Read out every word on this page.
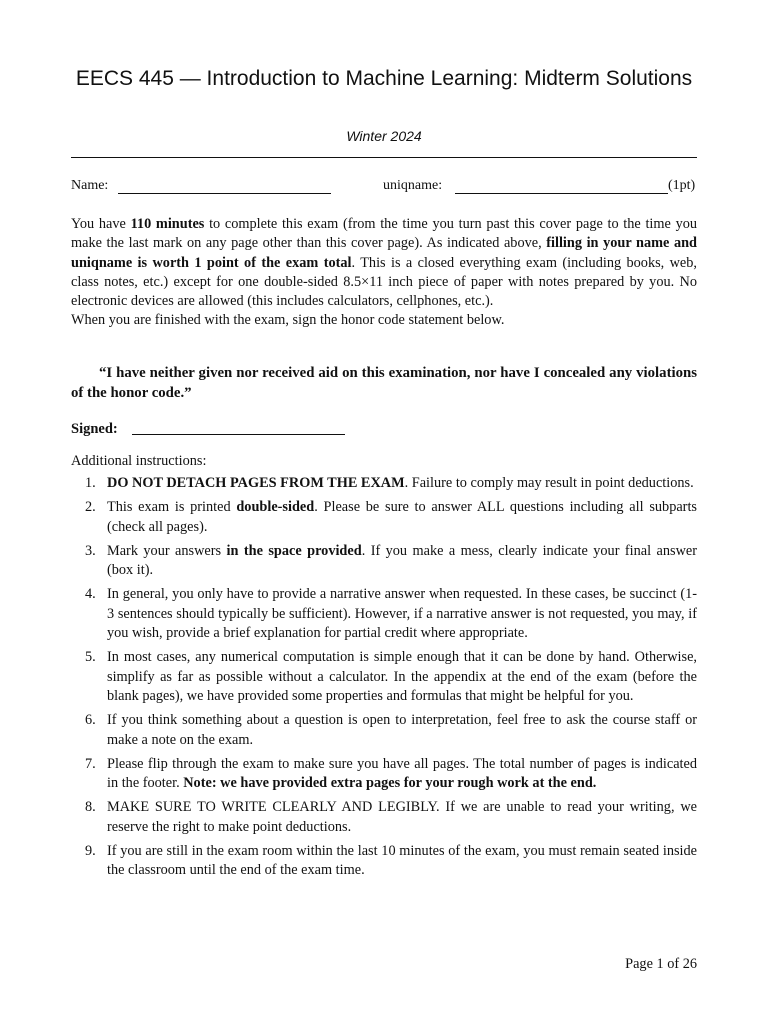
EECS 445 — Introduction to Machine Learning: Midterm Solutions
Winter 2024
Name:	uniqname:	(1pt)

You have 110 minutes to complete this exam (from the time you turn past this cover page to the time you make the last mark on any page other than this cover page). As indicated above, filling in your name and uniqname is worth 1 point of the exam total. This is a closed everything exam (including books, web, class notes, etc.) except for one double-sided 8.5×11 inch piece of paper with notes prepared by you. No electronic devices are allowed (this includes calculators, cellphones, etc.).

When you are finished with the exam, sign the honor code statement below.

“I have neither given nor received aid on this examination, nor have I concealed any violations of the honor code.”
Signed:
Additional instructions:
1. DO NOT DETACH PAGES FROM THE EXAM. Failure to comply may result in point deductions.
2. This exam is printed double-sided. Please be sure to answer ALL questions including all subparts (check all pages).
3. Mark your answers in the space provided. If you make a mess, clearly indicate your final answer (box it).
4. In general, you only have to provide a narrative answer when requested. In these cases, be succinct (1-3 sentences should typically be sufficient). However, if a narrative answer is not requested, you may, if you wish, provide a brief explanation for partial credit where appropriate.
5. In most cases, any numerical computation is simple enough that it can be done by hand. Otherwise, simplify as far as possible without a calculator. In the appendix at the end of the exam (before the blank pages), we have provided some properties and formulas that might be helpful for you.
6. If you think something about a question is open to interpretation, feel free to ask the course staff or make a note on the exam.
7. Please flip through the exam to make sure you have all pages. The total number of pages is indicated in the footer. Note: we have provided extra pages for your rough work at the end.
8. MAKE SURE TO WRITE CLEARLY AND LEGIBLY. If we are unable to read your writing, we reserve the right to make point deductions.
9. If you are still in the exam room within the last 10 minutes of the exam, you must remain seated inside the classroom until the end of the exam time.
Page 1 of 26
